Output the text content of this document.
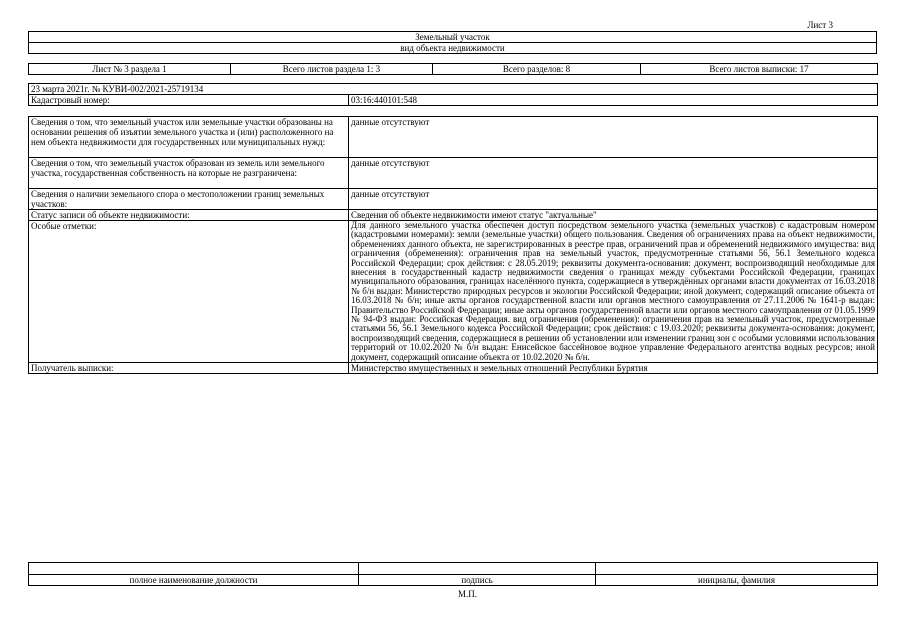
Лист 3
Земельный участок
вид объекта недвижимости
Лист № 3 раздела 1	Всего листов раздела 1: 3	Всего разделов: 8	Всего листов выписки: 17
23 марта 2021г. № КУВИ-002/2021-25719134
Кадастровый номер:	03:16:440101:548
Сведения о том, что земельный участок или земельные участки образованы на основании решения об изъятии земельного участка и (или) расположенного на нем объекта недвижимости для государственных или муниципальных нужд:	данные отсутствуют
Сведения о том, что земельный участок образован из земель или земельного участка, государственная собственность на которые не разграничена:	данные отсутствуют
Сведения о наличии земельного спора о местоположении границ земельных участков:	данные отсутствуют
Статус записи об объекте недвижимости:	Сведения об объекте недвижимости имеют статус "актуальные"
Особые отметки:	Для данного земельного участка обеспечен доступ посредством земельного участка (земельных участков) с кадастровым номером (кадастровыми номерами): земли (земельные участки) общего пользования. Сведения об ограничениях права на объект недвижимости, обременениях данного объекта, не зарегистрированных в реестре прав, ограничений прав и обременений недвижимого имущества: вид ограничения (обременения): ограничения прав на земельный участок, предусмотренные статьями 56, 56.1 Земельного кодекса Российской Федерации; срок действия: с 28.05.2019; реквизиты документа-основания: документ, воспроизводящий необходимые для внесения в государственный кадастр недвижимости сведения о границах между субъектами Российской Федерации, границах муниципального образования, границах населённого пункта, содержащиеся в утверждённых органами власти документах от 16.03.2018 № б/н выдан: Министерство природных ресурсов и экологии Российской Федерации; иной документ, содержащий описание объекта от 16.03.2018 № б/н; иные акты органов государственной власти или органов местного самоуправления от 27.11.2006 № 1641-р выдан: Правительство Российской Федерации; иные акты органов государственной власти или органов местного самоуправления от 01.05.1999 № 94-ФЗ выдан: Российская Федерация. вид ограничения (обременения): ограничения прав на земельный участок, предусмотренные статьями 56, 56.1 Земельного кодекса Российской Федерации; срок действия: с 19.03.2020; реквизиты документа-основания: документ, воспроизводящий сведения, содержащиеся в решении об установлении или изменении границ зон с особыми условиями использования территорий от 10.02.2020 № б/н выдан: Енисейское бассейновое водное управление Федерального агентства водных ресурсов; иной документ, содержащий описание объекта от 10.02.2020 № б/н.
Получатель выписки:	Министерство имущественных и земельных отношений Республики Бурятия

полное наименование должности	подпись	инициалы, фамилия
М.П.
